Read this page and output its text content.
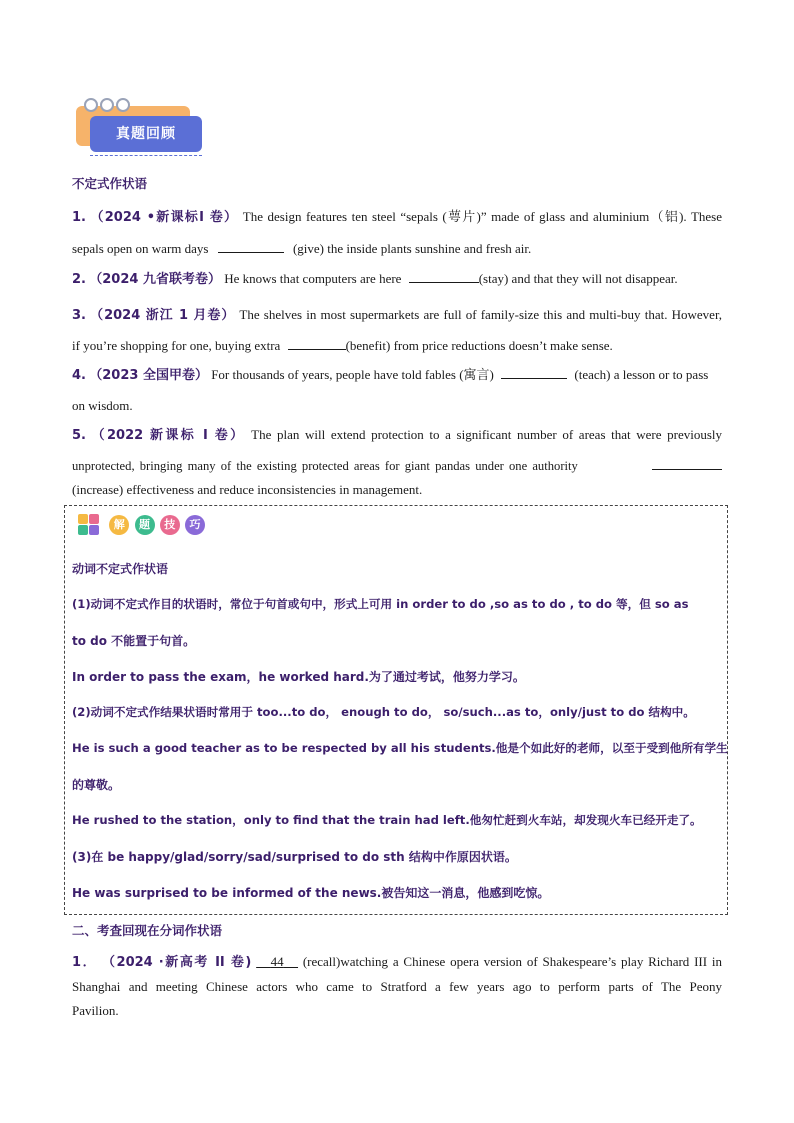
真题回顾
不定式作状语
1. （2024 •新课标I 卷） The design features ten steel “sepals (萼片)” made of glass and aluminium（铝). These
sepals open on warm days	(give) the inside plants sunshine and fresh air.
2. （2024 九省联考卷） He knows that computers are here	(stay) and that they will not disappear.
3. （2024 浙江 1 月卷） The shelves in most supermarkets are full of family-size this and multi-buy that. However,
if you’re shopping for one, buying extra	(benefit) from price reductions doesn’t make sense.
4. （2023 全国甲卷） For thousands of years, people have told fables (寓言)	(teach) a lesson or to pass
on wisdom.
5. （2022 新课标 I 卷） The plan will extend protection to a significant number of areas that were previously
unprotected, bringing many of the existing protected areas for giant pandas under one authority
(increase) effectiveness and reduce inconsistencies in management.
解 题 技 巧
动词不定式作状语
(1)动词不定式作目的状语时，常位于句首或句中，形式上可用 in order to do ,so as to do , to do 等，但 so as
to do 不能置于句首。
In order to pass the exam，he worked hard.为了通过考试，他努力学习。
(2)动词不定式作结果状语时常用于 too...to do， enough to do， so/such...as to，only/just to do 结构中。
He is such a good teacher as to be respected by all his students.他是个如此好的老师，以至于受到他所有学生
的尊敬。
He rushed to the station，only to find that the train had left.他匆忙赶到火车站，却发现火车已经开走了。
(3)在 be happy/glad/sorry/sad/surprised to do sth 结构中作原因状语。
He was surprised to be informed of the news.被告知这一消息，他感到吃惊。
二、考查回现在分词作状语
1． （2024 ·新高考 II 卷) 44 (recall)watching a Chinese opera version of Shakespeare’s play Richard III in
Shanghai and meeting Chinese actors who came to Stratford a few years ago to perform parts of The Peony
Pavilion.
